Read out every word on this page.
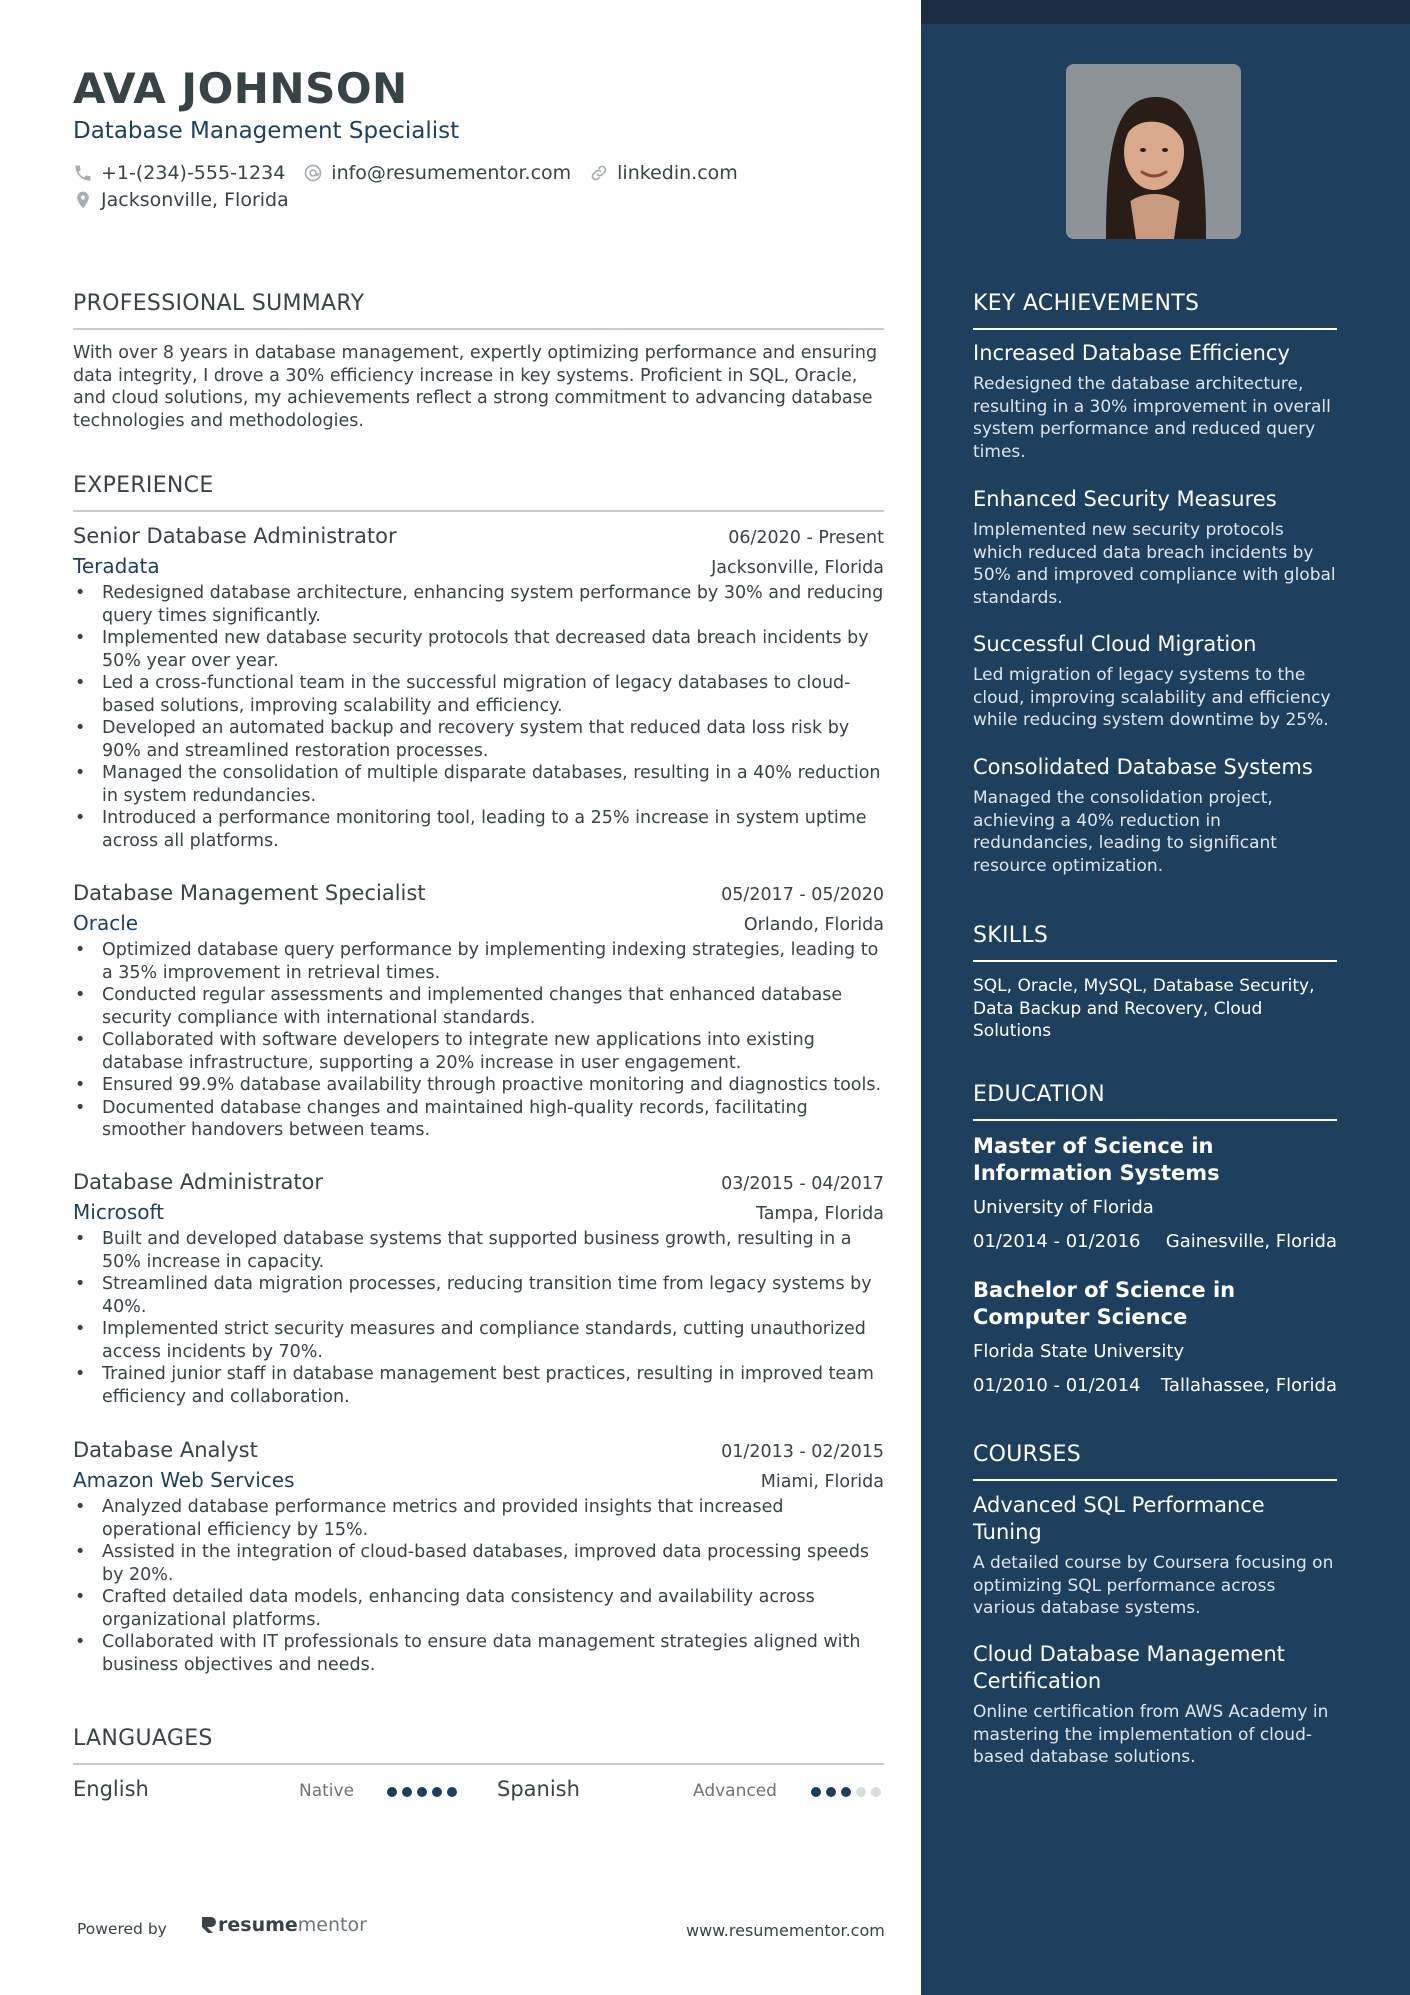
AVA JOHNSON
Database Management Specialist
+1-(234)-555-1234 info@resumementor.com linkedin.com
Jacksonville, Florida
PROFESSIONAL SUMMARY
With over 8 years in database management, expertly optimizing performance and ensuring data integrity, I drove a 30% efficiency increase in key systems. Proficient in SQL, Oracle, and cloud solutions, my achievements reflect a strong commitment to advancing database technologies and methodologies.
EXPERIENCE
Senior Database Administrator	06/2020 - Present
Teradata	Jacksonville, Florida
• Redesigned database architecture, enhancing system performance by 30% and reducing query times significantly.
• Implemented new database security protocols that decreased data breach incidents by 50% year over year.
• Led a cross-functional team in the successful migration of legacy databases to cloud-based solutions, improving scalability and efficiency.
• Developed an automated backup and recovery system that reduced data loss risk by 90% and streamlined restoration processes.
• Managed the consolidation of multiple disparate databases, resulting in a 40% reduction in system redundancies.
• Introduced a performance monitoring tool, leading to a 25% increase in system uptime across all platforms.
Database Management Specialist	05/2017 - 05/2020
Oracle	Orlando, Florida
• Optimized database query performance by implementing indexing strategies, leading to a 35% improvement in retrieval times.
• Conducted regular assessments and implemented changes that enhanced database security compliance with international standards.
• Collaborated with software developers to integrate new applications into existing database infrastructure, supporting a 20% increase in user engagement.
• Ensured 99.9% database availability through proactive monitoring and diagnostics tools.
• Documented database changes and maintained high-quality records, facilitating smoother handovers between teams.
Database Administrator	03/2015 - 04/2017
Microsoft	Tampa, Florida
• Built and developed database systems that supported business growth, resulting in a 50% increase in capacity.
• Streamlined data migration processes, reducing transition time from legacy systems by 40%.
• Implemented strict security measures and compliance standards, cutting unauthorized access incidents by 70%.
• Trained junior staff in database management best practices, resulting in improved team efficiency and collaboration.
Database Analyst	01/2013 - 02/2015
Amazon Web Services	Miami, Florida
• Analyzed database performance metrics and provided insights that increased operational efficiency by 15%.
• Assisted in the integration of cloud-based databases, improved data processing speeds by 20%.
• Crafted detailed data models, enhancing data consistency and availability across organizational platforms.
• Collaborated with IT professionals to ensure data management strategies aligned with business objectives and needs.
LANGUAGES
English	Native	Spanish	Advanced
Powered by	resume mentor	www.resumementor.com
KEY ACHIEVEMENTS
Increased Database Efficiency
Redesigned the database architecture, resulting in a 30% improvement in overall system performance and reduced query times.
Enhanced Security Measures
Implemented new security protocols which reduced data breach incidents by 50% and improved compliance with global standards.
Successful Cloud Migration
Led migration of legacy systems to the cloud, improving scalability and efficiency while reducing system downtime by 25%.
Consolidated Database Systems
Managed the consolidation project, achieving a 40% reduction in redundancies, leading to significant resource optimization.
SKILLS
SQL, Oracle, MySQL, Database Security, Data Backup and Recovery, Cloud Solutions
EDUCATION
Master of Science in Information Systems
University of Florida
01/2014 - 01/2016 Gainesville, Florida
Bachelor of Science in Computer Science
Florida State University
01/2010 - 01/2014 Tallahassee, Florida
COURSES
Advanced SQL Performance Tuning
A detailed course by Coursera focusing on optimizing SQL performance across various database systems.
Cloud Database Management Certification
Online certification from AWS Academy in mastering the implementation of cloud-based database solutions.
